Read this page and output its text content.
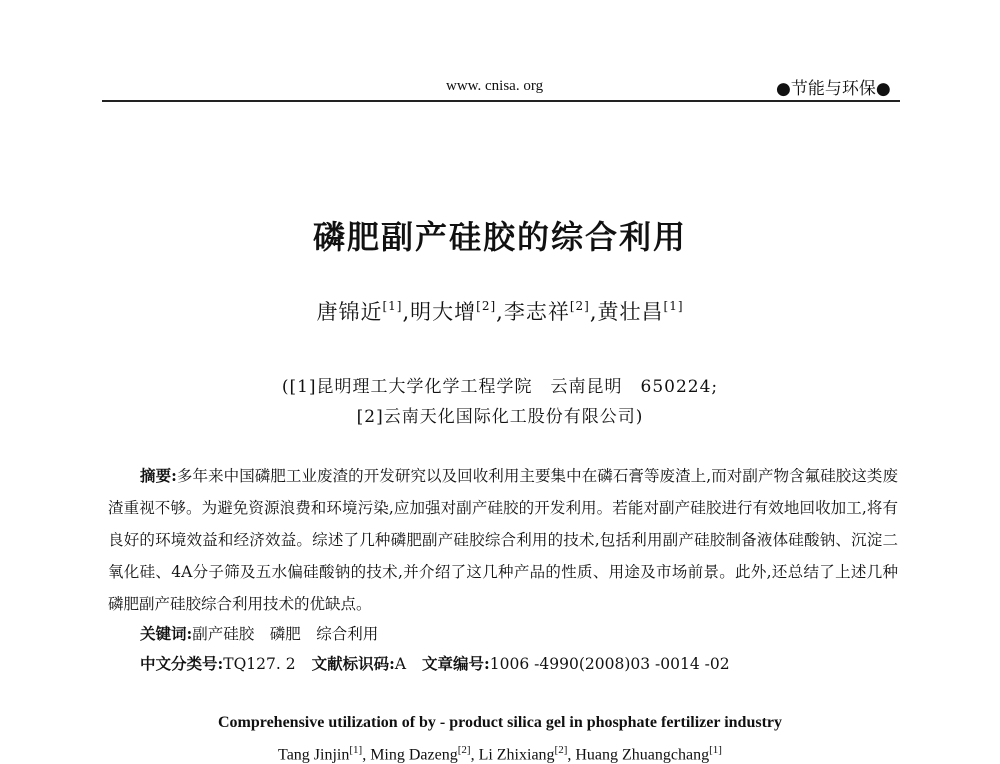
www. cnisa. org	●节能与环保●
磷肥副产硅胶的综合利用
唐锦近[1],明大增[2],李志祥[2],黄壮昌[1]
([1]昆明理工大学化学工程学院　云南昆明　650224;
[2]云南天化国际化工股份有限公司)
摘要:多年来中国磷肥工业废渣的开发研究以及回收利用主要集中在磷石膏等废渣上,而对副产物含氟硅胶这类废渣重视不够。为避免资源浪费和环境污染,应加强对副产硅胶的开发利用。若能对副产硅胶进行有效地回收加工,将有良好的环境效益和经济效益。综述了几种磷肥副产硅胶综合利用的技术,包括利用副产硅胶制备液体硅酸钠、沉淀二氧化硅、4A分子筛及五水偏硅酸钠的技术,并介绍了这几种产品的性质、用途及市场前景。此外,还总结了上述几种磷肥副产硅胶综合利用技术的优缺点。
关键词:副产硅胶　磷肥　综合利用
中文分类号:TQ127. 2 文献标识码:A 文章编号:1006 -4990(2008)03 -0014 -02
Comprehensive utilization of by - product silica gel in phosphate fertilizer industry
Tang Jinjin[1], Ming Dazeng[2], Li Zhixiang[2], Huang Zhuangchang[1]
